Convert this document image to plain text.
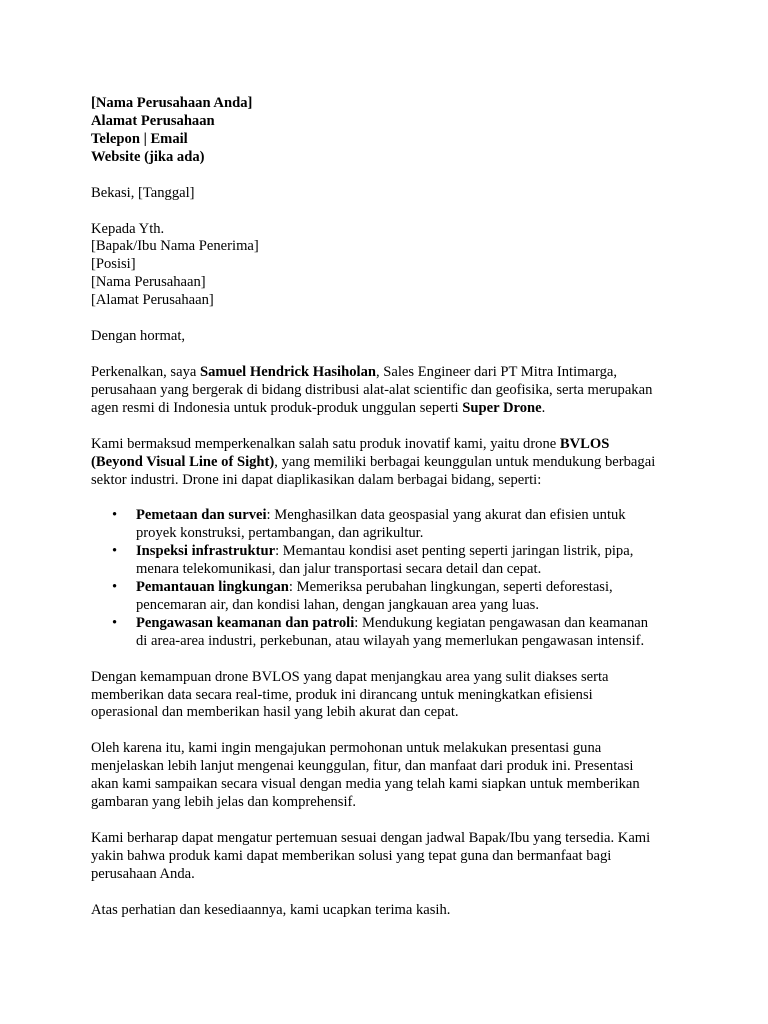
[Nama Perusahaan Anda]
Alamat Perusahaan
Telepon | Email
Website (jika ada)
Bekasi, [Tanggal]
Kepada Yth.
[Bapak/Ibu Nama Penerima]
[Posisi]
[Nama Perusahaan]
[Alamat Perusahaan]
Dengan hormat,
Perkenalkan, saya Samuel Hendrick Hasiholan, Sales Engineer dari PT Mitra Intimarga,
perusahaan yang bergerak di bidang distribusi alat-alat scientific dan geofisika, serta merupakan
agen resmi di Indonesia untuk produk-produk unggulan seperti Super Drone.
Kami bermaksud memperkenalkan salah satu produk inovatif kami, yaitu drone BVLOS
(Beyond Visual Line of Sight), yang memiliki berbagai keunggulan untuk mendukung berbagai
sektor industri. Drone ini dapat diaplikasikan dalam berbagai bidang, seperti:
• Pemetaan dan survei: Menghasilkan data geospasial yang akurat dan efisien untuk
proyek konstruksi, pertambangan, dan agrikultur.
• Inspeksi infrastruktur: Memantau kondisi aset penting seperti jaringan listrik, pipa,
menara telekomunikasi, dan jalur transportasi secara detail dan cepat.
• Pemantauan lingkungan: Memeriksa perubahan lingkungan, seperti deforestasi,
pencemaran air, dan kondisi lahan, dengan jangkauan area yang luas.
• Pengawasan keamanan dan patroli: Mendukung kegiatan pengawasan dan keamanan
di area-area industri, perkebunan, atau wilayah yang memerlukan pengawasan intensif.
Dengan kemampuan drone BVLOS yang dapat menjangkau area yang sulit diakses serta
memberikan data secara real-time, produk ini dirancang untuk meningkatkan efisiensi
operasional dan memberikan hasil yang lebih akurat dan cepat.
Oleh karena itu, kami ingin mengajukan permohonan untuk melakukan presentasi guna
menjelaskan lebih lanjut mengenai keunggulan, fitur, dan manfaat dari produk ini. Presentasi
akan kami sampaikan secara visual dengan media yang telah kami siapkan untuk memberikan
gambaran yang lebih jelas dan komprehensif.
Kami berharap dapat mengatur pertemuan sesuai dengan jadwal Bapak/Ibu yang tersedia. Kami
yakin bahwa produk kami dapat memberikan solusi yang tepat guna dan bermanfaat bagi
perusahaan Anda.
Atas perhatian dan kesediaannya, kami ucapkan terima kasih.
